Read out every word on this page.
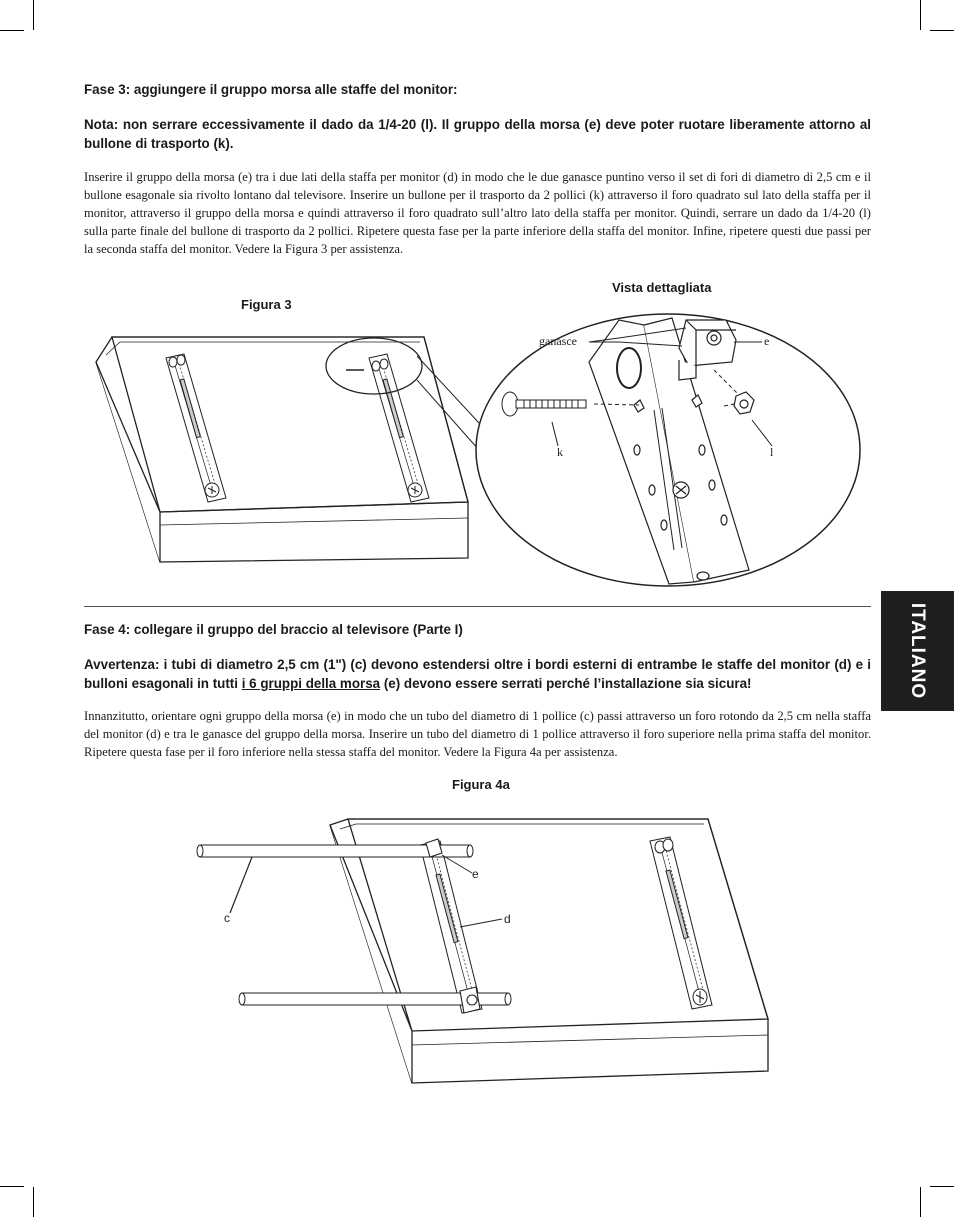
Fase 3: aggiungere il gruppo morsa alle staffe del monitor:
Nota: non serrare eccessivamente il dado da 1/4-20 (l). Il gruppo della morsa (e) deve poter ruotare liberamente attorno al bullone di trasporto (k).
Inserire il gruppo della morsa (e) tra i due lati della staffa per monitor (d) in modo che le due ganasce puntino verso il set di fori di diametro di 2,5 cm e il bullone esagonale sia rivolto lontano dal televisore. Inserire un bullone per il trasporto da 2 pollici (k) attraverso il foro quadrato sul lato della staffa per il monitor, attraverso il gruppo della morsa e quindi attraverso il foro quadrato sull’altro lato della staffa per monitor. Quindi, serrare un dado da 1/4-20 (l) sulla parte finale del bullone di trasporto da 2 pollici. Ripetere questa fase per la parte inferiore della staffa del monitor. Infine, ripetere questi due passi per la seconda staffa del monitor. Vedere la Figura 3 per assistenza.
Figura 3
Vista dettagliata
ganasce	e
k	l
Fase 4: collegare il gruppo del braccio al televisore (Parte I)
Avvertenza: i tubi di diametro 2,5 cm (1") (c) devono estendersi oltre i bordi esterni di entrambe le staffe del monitor (d) e i bulloni esagonali in tutti i 6 gruppi della morsa (e) devono essere serrati perché l’installazione sia sicura!
Innanzitutto, orientare ogni gruppo della morsa (e) in modo che un tubo del diametro di 1 pollice (c) passi attraverso un foro rotondo da 2,5 cm nella staffa del monitor (d) e tra le ganasce del gruppo della morsa. Inserire un tubo del diametro di 1 pollice attraverso il foro superiore nella prima staffa del monitor. Ripetere questa fase per il foro inferiore nella stessa staffa del monitor. Vedere la Figura 4a per assistenza.
Figura 4a
c
e
d
ITALIANO
